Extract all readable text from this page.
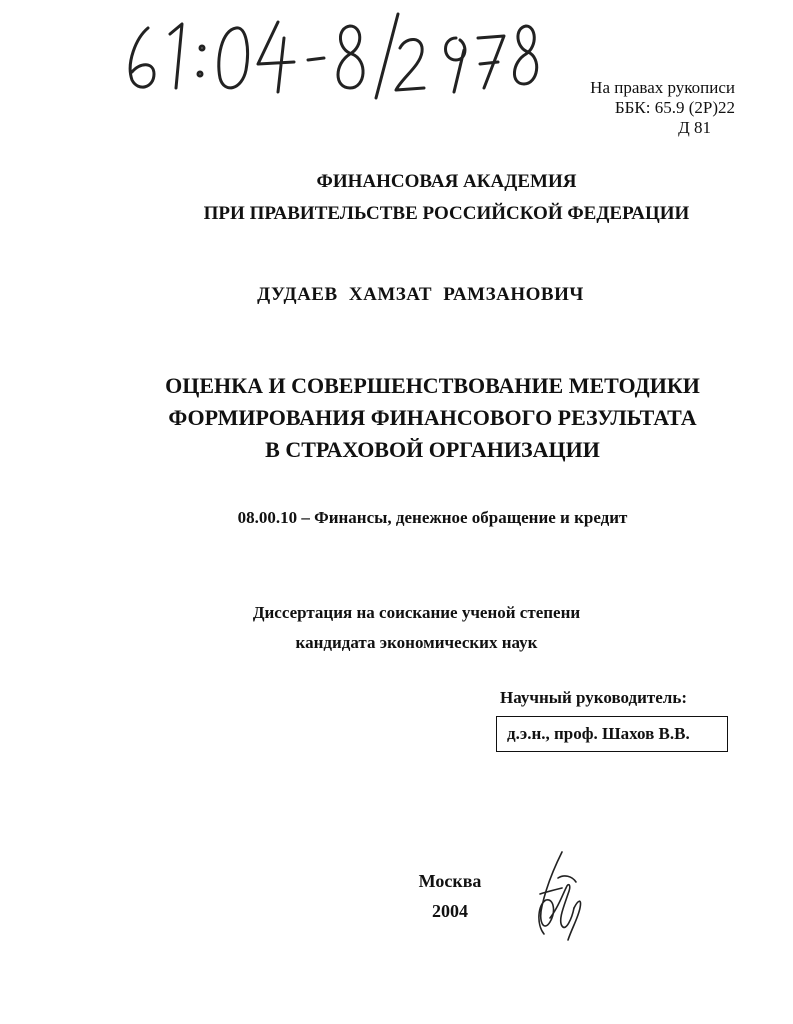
На правах рукописи
ББК: 65.9 (2Р)22
Д 81
ФИНАНСОВАЯ АКАДЕМИЯ
ПРИ ПРАВИТЕЛЬСТВЕ РОССИЙСКОЙ ФЕДЕРАЦИИ
ДУДАЕВ ХАМЗАТ РАМЗАНОВИЧ
ОЦЕНКА И СОВЕРШЕНСТВОВАНИЕ МЕТОДИКИ
ФОРМИРОВАНИЯ ФИНАНСОВОГО РЕЗУЛЬТАТА
В СТРАХОВОЙ ОРГАНИЗАЦИИ
08.00.10 – Финансы, денежное обращение и кредит
Диссертация на соискание ученой степени
кандидата экономических наук
Научный руководитель:
д.э.н., проф. Шахов В.В.
Москва
2004
